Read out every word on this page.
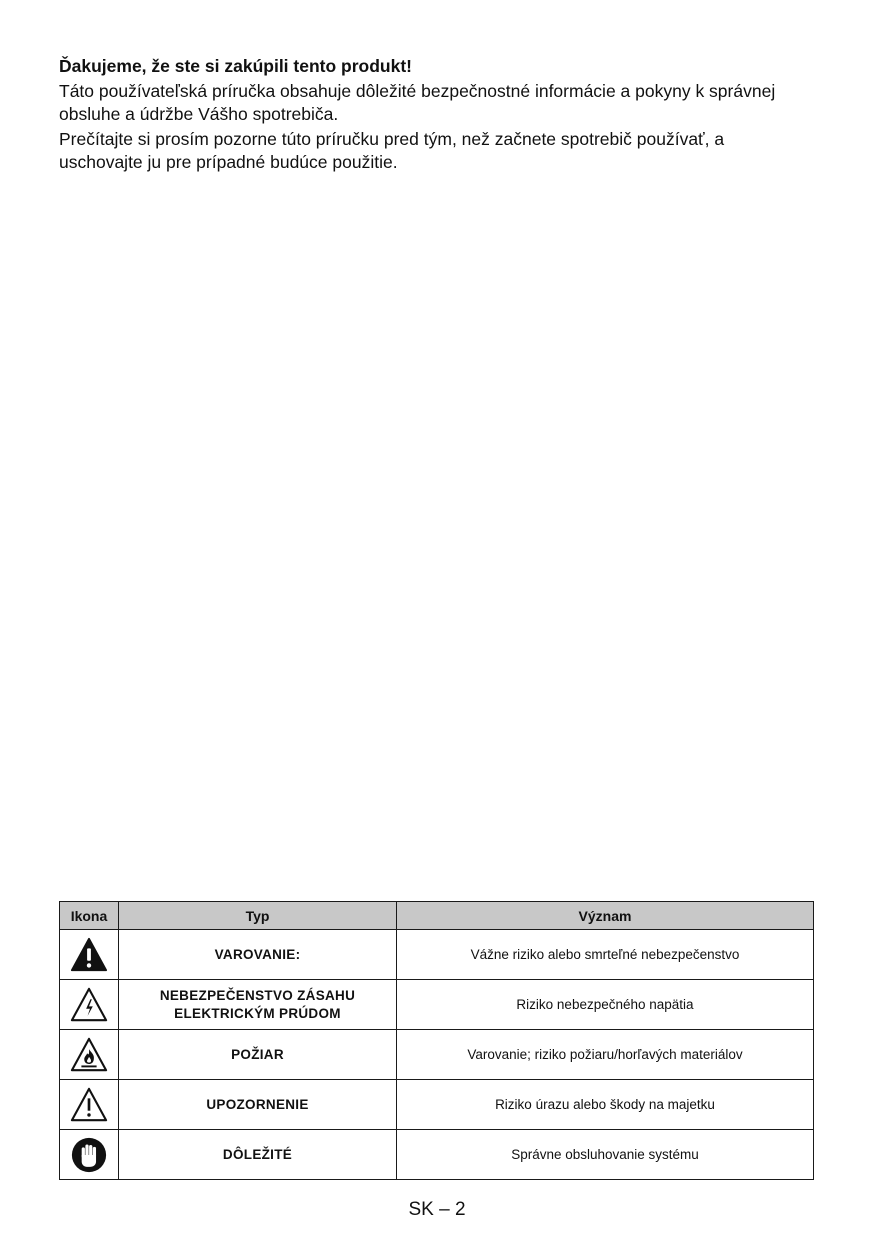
Ďakujeme, že ste si zakúpili tento produkt!

Táto používateľská príručka obsahuje dôležité bezpečnostné informácie a pokyny k správnej obsluhe a údržbe Vášho spotrebiča.

Prečítajte si prosím pozorne túto príručku pred tým, než začnete spotrebič používať, a uschovajte ju pre prípadné budúce použitie.

Ikona	Typ	Význam

	VAROVANIE:	Vážne riziko alebo smrteľné nebezpečenstvo

	NEBEZPEČENSTVO ZÁSAHU ELEKTRICKÝM PRÚDOM	Riziko nebezpečného napätia

	POŽIAR	Varovanie; riziko požiaru/horľavých materiálov

	UPOZORNENIE	Riziko úrazu alebo škody na majetku

	DÔLEŽITÉ	Správne obsluhovanie systému
SK – 2
